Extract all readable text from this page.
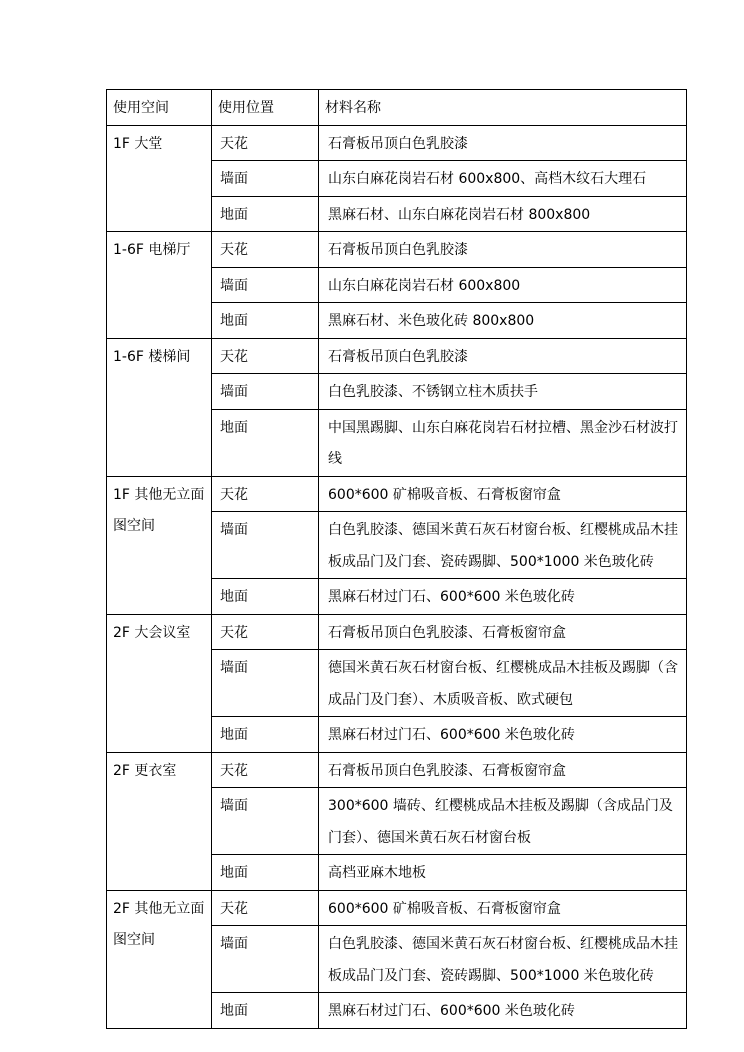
使用空间	使用位置	材料名称
1F 大堂	天花	石膏板吊顶白色乳胶漆
	墙面	山东白麻花岗岩石材 600x800、高档木纹石大理石
	地面	黑麻石材、山东白麻花岗岩石材 800x800
1-6F 电梯厅	天花	石膏板吊顶白色乳胶漆
	墙面	山东白麻花岗岩石材 600x800
	地面	黑麻石材、米色玻化砖 800x800
1-6F 楼梯间	天花	石膏板吊顶白色乳胶漆
	墙面	白色乳胶漆、不锈钢立柱木质扶手
	地面	中国黑踢脚、山东白麻花岗岩石材拉槽、黑金沙石材波打线
1F 其他无立面图空间	天花	600*600 矿棉吸音板、石膏板窗帘盒
	墙面	白色乳胶漆、德国米黄石灰石材窗台板、红樱桃成品木挂板成品门及门套、瓷砖踢脚、500*1000 米色玻化砖
	地面	黑麻石材过门石、600*600 米色玻化砖
2F 大会议室	天花	石膏板吊顶白色乳胶漆、石膏板窗帘盒
	墙面	德国米黄石灰石材窗台板、红樱桃成品木挂板及踢脚（含成品门及门套）、木质吸音板、欧式硬包
	地面	黑麻石材过门石、600*600 米色玻化砖
2F 更衣室	天花	石膏板吊顶白色乳胶漆、石膏板窗帘盒
	墙面	300*600 墙砖、红樱桃成品木挂板及踢脚（含成品门及门套）、德国米黄石灰石材窗台板
	地面	高档亚麻木地板
2F 其他无立面图空间	天花	600*600 矿棉吸音板、石膏板窗帘盒
	墙面	白色乳胶漆、德国米黄石灰石材窗台板、红樱桃成品木挂板成品门及门套、瓷砖踢脚、500*1000 米色玻化砖
	地面	黑麻石材过门石、600*600 米色玻化砖
